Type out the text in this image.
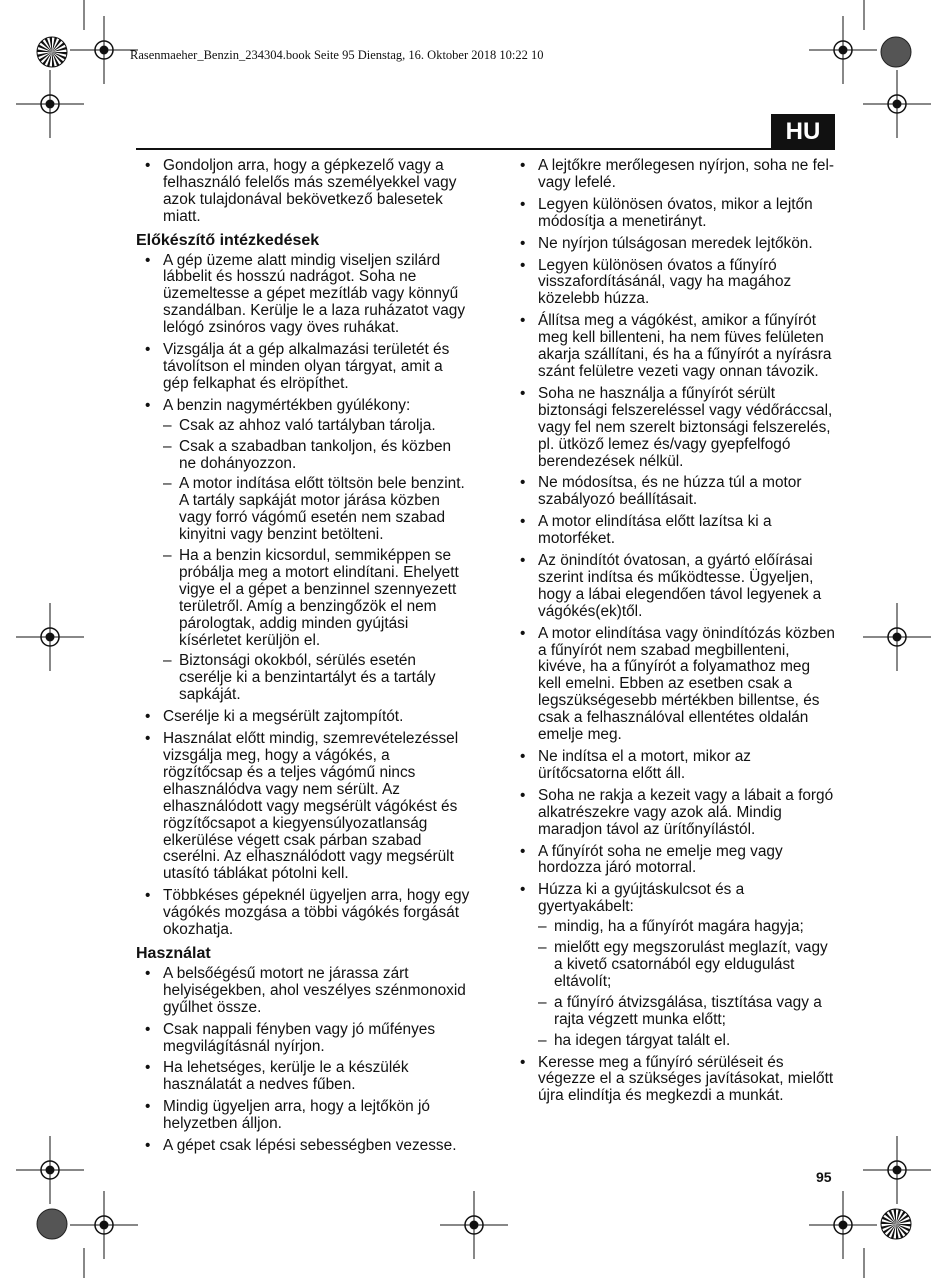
Rasenmaeher_Benzin_234304.book Seite 95 Dienstag, 16. Oktober 2018 10:22 10
HU
• Gondoljon arra, hogy a gépkezelő vagy a felhasználó felelős más személyekkel vagy azok tulajdonával bekövetkező balesetek miatt.
Előkészítő intézkedések
• A gép üzeme alatt mindig viseljen szilárd lábbelit és hosszú nadrágot. Soha ne üzemeltesse a gépet mezítláb vagy könnyű szandálban. Kerülje le a laza ruházatot vagy lelógó zsinóros vagy öves ruhákat.
• Vizsgálja át a gép alkalmazási területét és távolítson el minden olyan tárgyat, amit a gép felkaphat és elröpíthet.
• A benzin nagymértékben gyúlékony:
– Csak az ahhoz való tartályban tárolja.
– Csak a szabadban tankoljon, és közben ne dohányozzon.
– A motor indítása előtt töltsön bele benzint. A tartály sapkáját motor járása közben vagy forró vágómű esetén nem szabad kinyitni vagy benzint betölteni.
– Ha a benzin kicsordul, semmiképpen se próbálja meg a motort elindítani. Ehelyett vigye el a gépet a benzinnel szennyezett területről. Amíg a benzingőzök el nem párologtak, addig minden gyújtási kísérletet kerüljön el.
– Biztonsági okokból, sérülés esetén cserélje ki a benzintartályt és a tartály sapkáját.
• Cserélje ki a megsérült zajtompítót.
• Használat előtt mindig, szemrevételezéssel vizsgálja meg, hogy a vágókés, a rögzítőcsap és a teljes vágómű nincs elhasználódva vagy nem sérült. Az elhasználódott vagy megsérült vágókést és rögzítőcsapot a kiegyensúlyozatlanság elkerülése végett csak párban szabad cserélni. Az elhasználódott vagy megsérült utasító táblákat pótolni kell.
• Többkéses gépeknél ügyeljen arra, hogy egy vágókés mozgása a többi vágókés forgását okozhatja.
Használat
• A belsőégésű motort ne járassa zárt helyiségekben, ahol veszélyes szénmonoxid gyűlhet össze.
• Csak nappali fényben vagy jó műfényes megvilágításnál nyírjon.
• Ha lehetséges, kerülje le a készülék használatát a nedves fűben.
• Mindig ügyeljen arra, hogy a lejtőkön jó helyzetben álljon.
• A gépet csak lépési sebességben vezesse.
• A lejtőkre merőlegesen nyírjon, soha ne fel- vagy lefelé.
• Legyen különösen óvatos, mikor a lejtőn módosítja a menetirányt.
• Ne nyírjon túlságosan meredek lejtőkön.
• Legyen különösen óvatos a fűnyíró visszafordításánál, vagy ha magához közelebb húzza.
• Állítsa meg a vágókést, amikor a fűnyírót meg kell billenteni, ha nem füves felületen akarja szállítani, és ha a fűnyírót a nyírásra szánt felületre vezeti vagy onnan távozik.
• Soha ne használja a fűnyírót sérült biztonsági felszereléssel vagy védőráccsal, vagy fel nem szerelt biztonsági felszerelés, pl. ütköző lemez és/vagy gyepfelfogó berendezések nélkül.
• Ne módosítsa, és ne húzza túl a motor szabályozó beállításait.
• A motor elindítása előtt lazítsa ki a motorféket.
• Az önindítót óvatosan, a gyártó előírásai szerint indítsa és működtesse. Ügyeljen, hogy a lábai elegendően távol legyenek a vágókés(ek)től.
• A motor elindítása vagy önindítózás közben a fűnyírót nem szabad megbillenteni, kivéve, ha a fűnyírót a folyamathoz meg kell emelni. Ebben az esetben csak a legszükségesebb mértékben billentse, és csak a felhasználóval ellentétes oldalán emelje meg.
• Ne indítsa el a motort, mikor az ürítőcsatorna előtt áll.
• Soha ne rakja a kezeit vagy a lábait a forgó alkatrészekre vagy azok alá. Mindig maradjon távol az ürítőnyílástól.
• A fűnyírót soha ne emelje meg vagy hordozza járó motorral.
• Húzza ki a gyújtáskulcsot és a gyertyakábelt:
– mindig, ha a fűnyírót magára hagyja;
– mielőtt egy megszorulást meglazít, vagy a kivető csatornából egy eldugulást eltávolít;
– a fűnyíró átvizsgálása, tisztítása vagy a rajta végzett munka előtt;
– ha idegen tárgyat talált el.
• Keresse meg a fűnyíró sérüléseit és végezze el a szükséges javításokat, mielőtt újra elindítja és megkezdi a munkát.
95
